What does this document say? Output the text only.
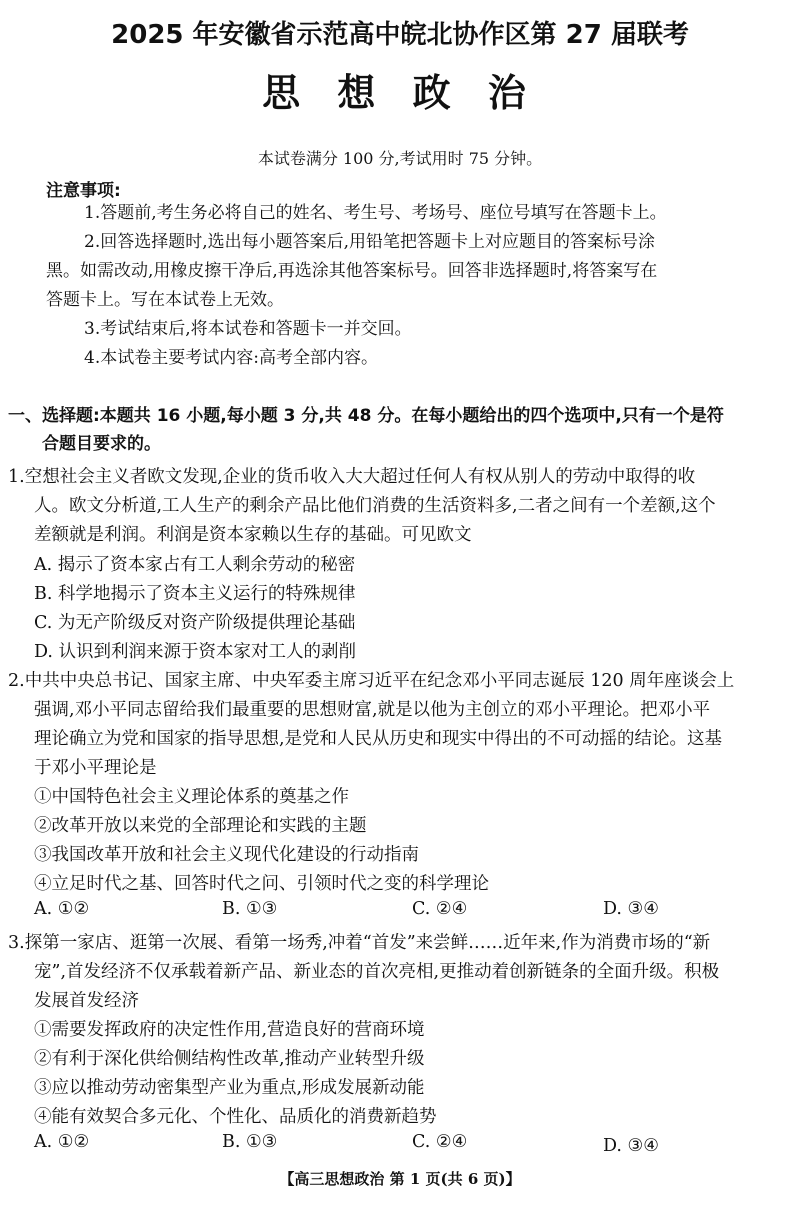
2025 年安徽省示范高中皖北协作区第 27 届联考
思 想 政 治
本试卷满分 100 分,考试用时 75 分钟。
注意事项:
1.答题前,考生务必将自己的姓名、考生号、考场号、座位号填写在答题卡上。
2.回答选择题时,选出每小题答案后,用铅笔把答题卡上对应题目的答案标号涂
黑。如需改动,用橡皮擦干净后,再选涂其他答案标号。回答非选择题时,将答案写在
答题卡上。写在本试卷上无效。
3.考试结束后,将本试卷和答题卡一并交回。
4.本试卷主要考试内容:高考全部内容。
一、选择题:本题共 16 小题,每小题 3 分,共 48 分。在每小题给出的四个选项中,只有一个是符
合题目要求的。
1.空想社会主义者欧文发现,企业的货币收入大大超过任何人有权从别人的劳动中取得的收
人。欧文分析道,工人生产的剩余产品比他们消费的生活资料多,二者之间有一个差额,这个
差额就是利润。利润是资本家赖以生存的基础。可见欧文
A. 揭示了资本家占有工人剩余劳动的秘密
B. 科学地揭示了资本主义运行的特殊规律
C. 为无产阶级反对资产阶级提供理论基础
D. 认识到利润来源于资本家对工人的剥削
2.中共中央总书记、国家主席、中央军委主席习近平在纪念邓小平同志诞辰 120 周年座谈会上
强调,邓小平同志留给我们最重要的思想财富,就是以他为主创立的邓小平理论。把邓小平
理论确立为党和国家的指导思想,是党和人民从历史和现实中得出的不可动摇的结论。这基
于邓小平理论是
①中国特色社会主义理论体系的奠基之作
②改革开放以来党的全部理论和实践的主题
③我国改革开放和社会主义现代化建设的行动指南
④立足时代之基、回答时代之问、引领时代之变的科学理论
A. ①②	B. ①③	C. ②④	D. ③④
3.探第一家店、逛第一次展、看第一场秀,冲着“首发”来尝鲜……近年来,作为消费市场的“新
宠”,首发经济不仅承载着新产品、新业态的首次亮相,更推动着创新链条的全面升级。积极
发展首发经济
①需要发挥政府的决定性作用,营造良好的营商环境
②有利于深化供给侧结构性改革,推动产业转型升级
③应以推动劳动密集型产业为重点,形成发展新动能
④能有效契合多元化、个性化、品质化的消费新趋势
A. ①②	B. ①③	C. ②④	D. ③④
【高三思想政治 第 1 页(共 6 页)】
